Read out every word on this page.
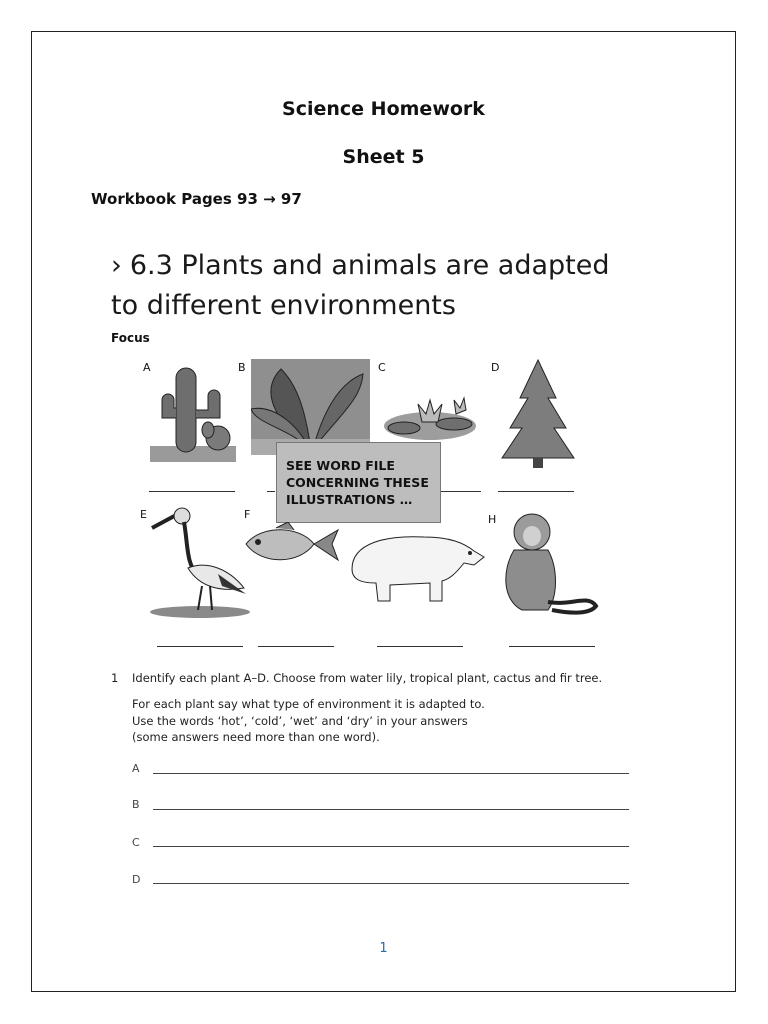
Science Homework
Sheet 5
Workbook Pages 93 → 97
› 6.3 Plants and animals are adapted
to different environments
Focus
A	B	C	D
SEE WORD FILE
CONCERNING THESE
ILLUSTRATIONS …
E	F	H
1 Identify each plant A–D. Choose from water lily, tropical plant, cactus and fir tree.
For each plant say what type of environment it is adapted to.
Use the words ‘hot’, ‘cold’, ‘wet’ and ‘dry’ in your answers
(some answers need more than one word).
A
B
C
D
1
